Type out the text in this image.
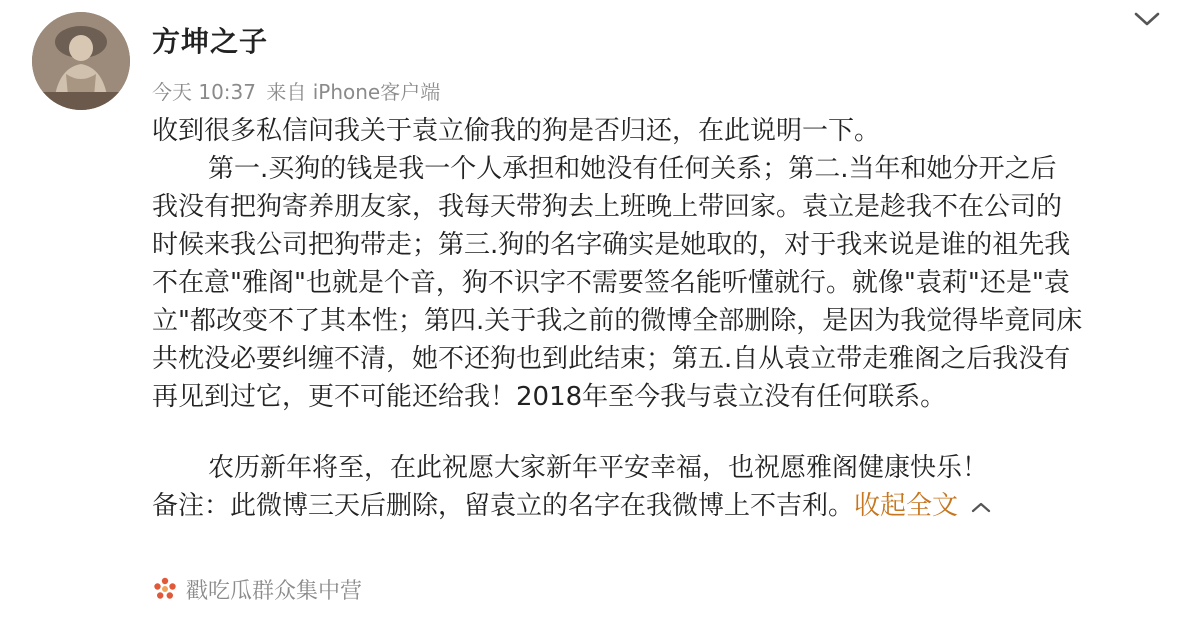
方坤之子
今天 10:37 来自 iPhone客户端
收到很多私信问我关于袁立偷我的狗是否归还，在此说明一下。
第一.买狗的钱是我一个人承担和她没有任何关系；第二.当年和她分开之后
我没有把狗寄养朋友家，我每天带狗去上班晚上带回家。袁立是趁我不在公司的
时候来我公司把狗带走；第三.狗的名字确实是她取的，对于我来说是谁的祖先我
不在意"雅阁"也就是个音，狗不识字不需要签名能听懂就行。就像"袁莉"还是"袁
立"都改变不了其本性；第四.关于我之前的微博全部删除，是因为我觉得毕竟同床
共枕没必要纠缠不清，她不还狗也到此结束；第五.自从袁立带走雅阁之后我没有
再见到过它，更不可能还给我！2018年至今我与袁立没有任何联系。
农历新年将至，在此祝愿大家新年平安幸福，也祝愿雅阁健康快乐！
备注：此微博三天后删除，留袁立的名字在我微博上不吉利。收起全文
戳吃瓜群众集中营
